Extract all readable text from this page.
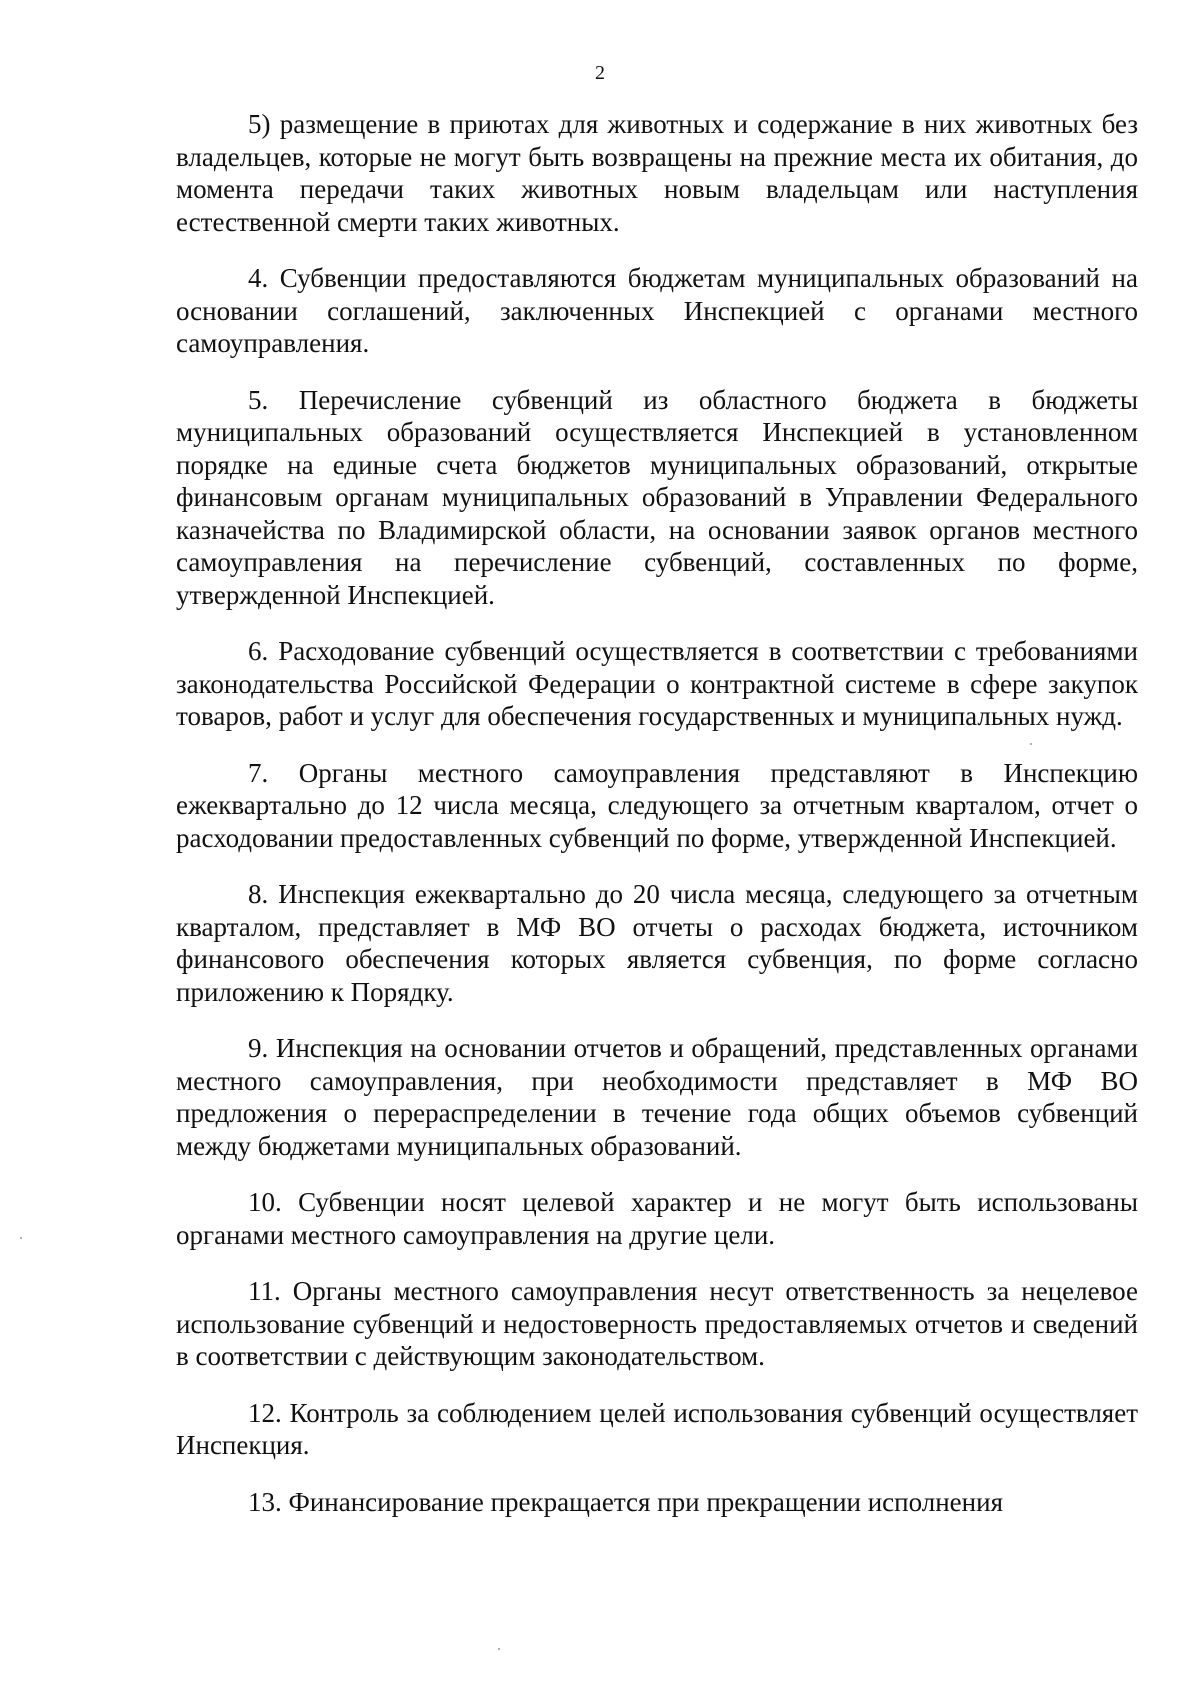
2

5) размещение в приютах для животных и содержание в них животных без владельцев, которые не могут быть возвращены на прежние места их обитания, до момента передачи таких животных новым владельцам или наступления естественной смерти таких животных.

4. Субвенции предоставляются бюджетам муниципальных образований на основании соглашений, заключенных Инспекцией с органами местного самоуправления.

5. Перечисление субвенций из областного бюджета в бюджеты муниципальных образований осуществляется Инспекцией в установленном порядке на единые счета бюджетов муниципальных образований, открытые финансовым органам муниципальных образований в Управлении Федерального казначейства по Владимирской области, на основании заявок органов местного самоуправления на перечисление субвенций, составленных по форме, утвержденной Инспекцией.

6. Расходование субвенций осуществляется в соответствии с требованиями законодательства Российской Федерации о контрактной системе в сфере закупок товаров, работ и услуг для обеспечения государственных и муниципальных нужд.

7. Органы местного самоуправления представляют в Инспекцию ежеквартально до 12 числа месяца, следующего за отчетным кварталом, отчет о расходовании предоставленных субвенций по форме, утвержденной Инспекцией.

8. Инспекция ежеквартально до 20 числа месяца, следующего за отчетным кварталом, представляет в МФ ВО отчеты о расходах бюджета, источником финансового обеспечения которых является субвенция, по форме согласно приложению к Порядку.

9. Инспекция на основании отчетов и обращений, представленных органами местного самоуправления, при необходимости представляет в МФ ВО предложения о перераспределении в течение года общих объемов субвенций между бюджетами муниципальных образований.

10. Субвенции носят целевой характер и не могут быть использованы органами местного самоуправления на другие цели.

11. Органы местного самоуправления несут ответственность за нецелевое использование субвенций и недостоверность предоставляемых отчетов и сведений в соответствии с действующим законодательством.

12. Контроль за соблюдением целей использования субвенций осуществляет Инспекция.

13. Финансирование прекращается при прекращении исполнения
